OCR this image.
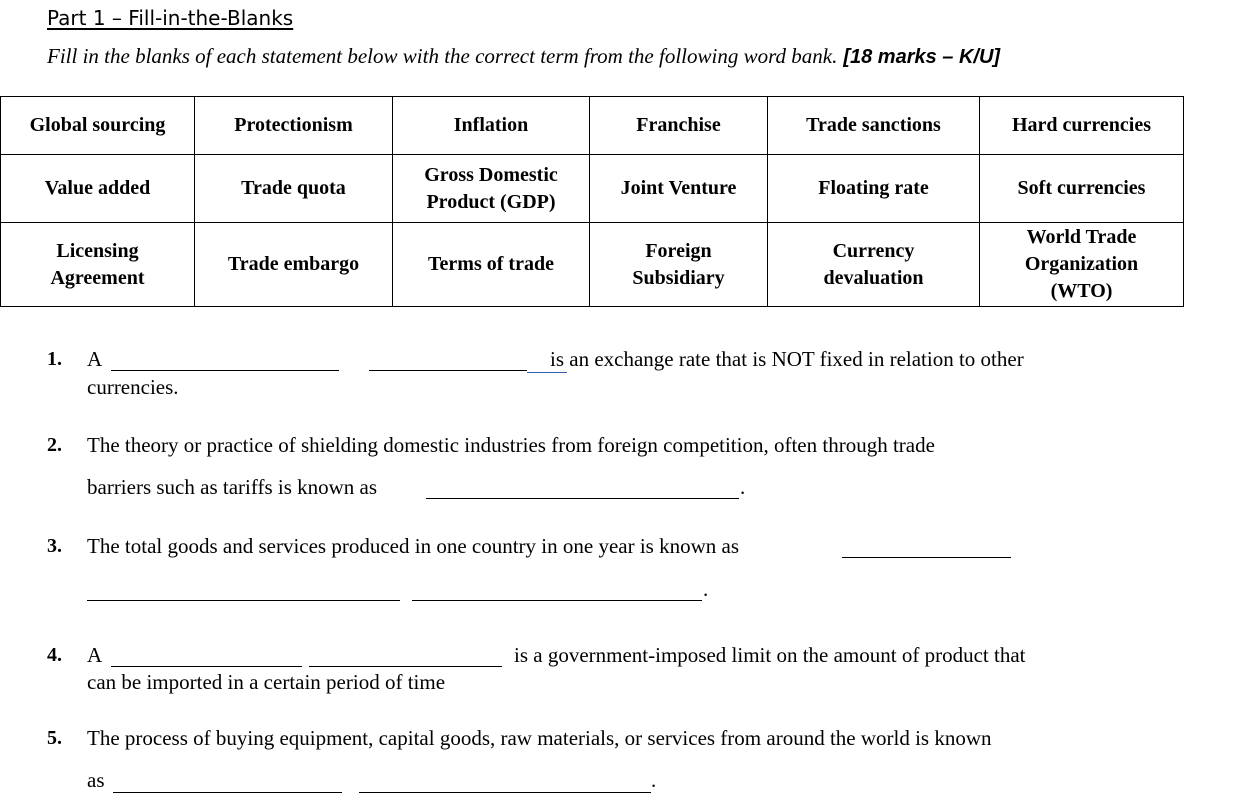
Part 1 – Fill-in-the-Blanks
Fill in the blanks of each statement below with the correct term from the following word bank. [18 marks – K/U]
Global sourcing	Protectionism	Inflation	Franchise	Trade sanctions	Hard currencies
Value added	Trade quota	Gross Domestic Product (GDP)	Joint Venture	Floating rate	Soft currencies
Licensing Agreement	Trade embargo	Terms of trade	Foreign Subsidiary	Currency devaluation	World Trade Organization (WTO)
1. A	is an exchange rate that is NOT fixed in relation to other
currencies.
2. The theory or practice of shielding domestic industries from foreign competition, often through trade
barriers such as tariffs is known as	.
3. The total goods and services produced in one country in one year is known as
.
4. A	is a government-imposed limit on the amount of product that
can be imported in a certain period of time
5. The process of buying equipment, capital goods, raw materials, or services from around the world is known
as	.
